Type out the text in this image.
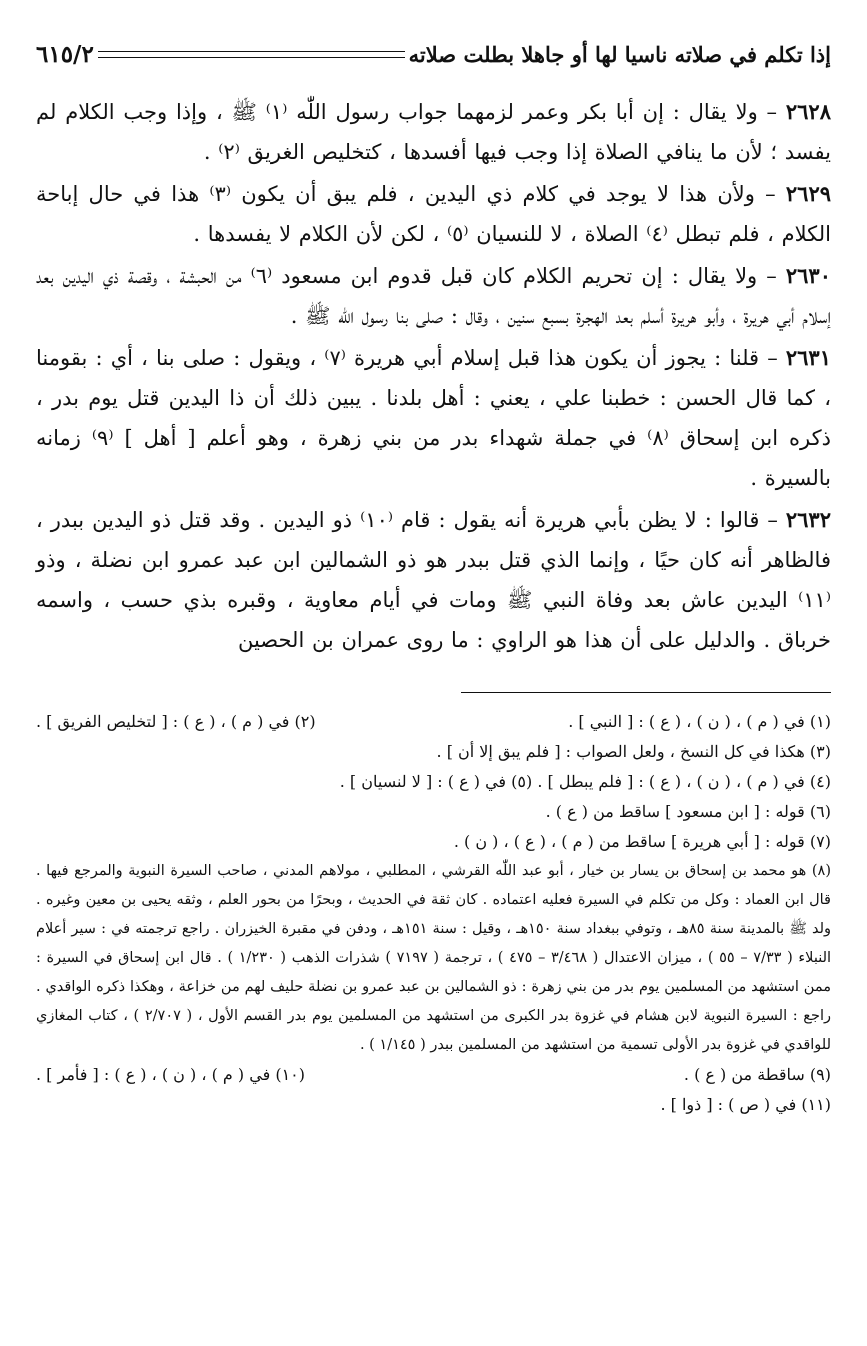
إذا تكلم في صلاته ناسيا لها أو جاهلا بطلت صلاته
٦١٥/٢

٢٦٢٨ – ولا يقال : إن أبا بكر وعمر لزمهما جواب رسول اللّٰه ⁽١⁾ ﷺ ، وإذا وجب الكلام لم يفسد ؛ لأن ما ينافي الصلاة إذا وجب فيها أفسدها ، كتخليص الغريق ⁽٢⁾ .

٢٦٢٩ – ولأن هذا لا يوجد في كلام ذي اليدين ، فلم يبق أن يكون ⁽٣⁾ هذا في حال إباحة الكلام ، فلم تبطل ⁽٤⁾ الصلاة ، لا للنسيان ⁽٥⁾ ، لكن لأن الكلام لا يفسدها .

٢٦٣٠ – ولا يقال : إن تحريم الكلام كان قبل قدوم ابن مسعود ⁽٦⁾ من الحبشة ، وقصة ذي اليدين بعد إسلام أبي هريرة ، وأبو هريرة أسلم بعد الهجرة بسبع سنين ، وقال : صلى بنا رسول اللّٰه ﷺ .

٢٦٣١ – قلنا : يجوز أن يكون هذا قبل إسلام أبي هريرة ⁽٧⁾ ، ويقول : صلى بنا ، أي : بقومنا ، كما قال الحسن : خطبنا علي ، يعني : أهل بلدنا . يبين ذلك أن ذا اليدين قتل يوم بدر ، ذكره ابن إسحاق ⁽٨⁾ في جملة شهداء بدر من بني زهرة ، وهو أعلم [ أهل ] ⁽٩⁾ زمانه بالسيرة .

٢٦٣٢ – قالوا : لا يظن بأبي هريرة أنه يقول : قام ⁽١٠⁾ ذو اليدين . وقد قتل ذو اليدين ببدر ، فالظاهر أنه كان حيًا ، وإنما الذي قتل ببدر هو ذو الشمالين ابن عبد عمرو ابن نضلة ، وذو ⁽١١⁾ اليدين عاش بعد وفاة النبي ﷺ ومات في أيام معاوية ، وقبره بذي حسب ، واسمه خرباق . والدليل على أن هذا هو الراوي : ما روى عمران بن الحصين

(١) في ( م ) ، ( ن ) ، ( ع ) : [ النبي ] .
(٢) في ( م ) ، ( ع ) : [ لتخليص الفريق ] .

(٣) هكذا في كل النسخ ، ولعل الصواب : [ فلم يبق إلا أن ] .

(٤) في ( م ) ، ( ن ) ، ( ع ) : [ فلم يبطل ] . (٥) في ( ع ) : [ لا لنسيان ] .

(٦) قوله : [ ابن مسعود ] ساقط من ( ع ) .

(٧) قوله : [ أبي هريرة ] ساقط من ( م ) ، ( ع ) ، ( ن ) .

(٨) هو محمد بن إسحاق بن يسار بن خيار ، أبو عبد اللّٰه القرشي ، المطلبي ، مولاهم المدني ، صاحب السيرة النبوية والمرجع فيها . قال ابن العماد : وكل من تكلم في السيرة فعليه اعتماده . كان ثقة في الحديث ، وبحرًا من بحور العلم ، وثقه يحيى بن معين وغيره . ولد ﷺ بالمدينة سنة ٨٥هـ ، وتوفي ببغداد سنة ١٥٠هـ ، وقيل : سنة ١٥١هـ ، ودفن في مقبرة الخيزران . راجع ترجمته في : سير أعلام النبلاء ( ٧/٣٣ – ٥٥ ) ، ميزان الاعتدال ( ٣/٤٦٨ – ٤٧٥ ) ، ترجمة ( ٧١٩٧ ) شذرات الذهب ( ١/٢٣٠ ) . قال ابن إسحاق في السيرة : ممن استشهد من المسلمين يوم بدر من بني زهرة : ذو الشمالين بن عبد عمرو بن نضلة حليف لهم من خزاعة ، وهكذا ذكره الواقدي . راجع : السيرة النبوية لابن هشام في غزوة بدر الكبرى من استشهد من المسلمين يوم بدر القسم الأول ، ( ٢/٧٠٧ ) ، كتاب المغازي للواقدي في غزوة بدر الأولى تسمية من استشهد من المسلمين ببدر ( ١/١٤٥ ) .

(٩) ساقطة من ( ع ) .
(١٠) في ( م ) ، ( ن ) ، ( ع ) : [ فأمر ] .

(١١) في ( ص ) : [ ذوا ] .
